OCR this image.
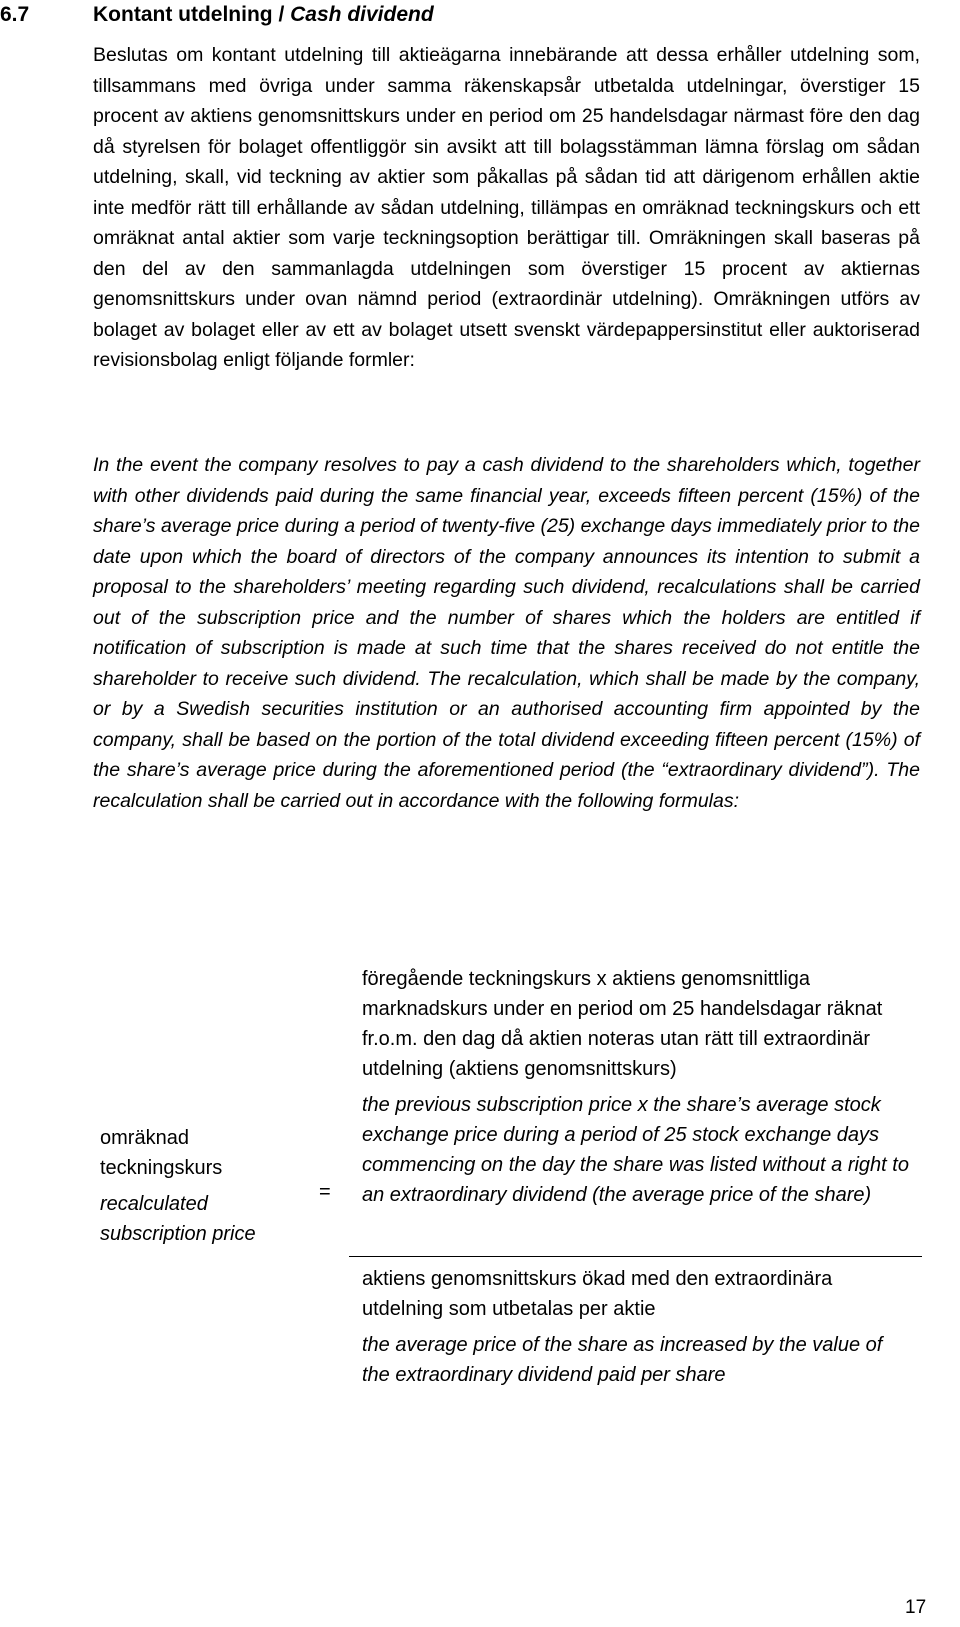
6.7	Kontant utdelning / Cash dividend

Beslutas om kontant utdelning till aktieägarna innebärande att dessa erhåller utdelning som, tillsammans med övriga under samma räkenskapsår utbetalda utdelningar, överstiger 15 procent av aktiens genomsnittskurs under en period om 25 handelsdagar närmast före den dag då styrelsen för bolaget offentliggör sin avsikt att till bolagsstämman lämna förslag om sådan utdelning, skall, vid teckning av aktier som påkallas på sådan tid att därigenom erhållen aktie inte medför rätt till erhållande av sådan utdelning, tillämpas en omräknad teckningskurs och ett omräknat antal aktier som varje teckningsoption berättigar till. Omräkningen skall baseras på den del av den sammanlagda utdelningen som överstiger 15 procent av aktiernas genomsnittskurs under ovan nämnd period (extraordinär utdelning). Omräkningen utförs av bolaget av bolaget eller av ett av bolaget utsett svenskt värdepappersinstitut eller auktoriserad revisionsbolag enligt följande formler:

In the event the company resolves to pay a cash dividend to the shareholders which, together with other dividends paid during the same financial year, exceeds fifteen percent (15%) of the share’s average price during a period of twenty-five (25) exchange days immediately prior to the date upon which the board of directors of the company announces its intention to submit a proposal to the shareholders’ meeting regarding such dividend, recalculations shall be carried out of the subscription price and the number of shares which the holders are entitled if notification of subscription is made at such time that the shares received do not entitle the shareholder to receive such dividend. The recalculation, which shall be made by the company, or by a Swedish securities institution or an authorised accounting firm appointed by the company, shall be based on the portion of the total dividend exceeding fifteen percent (15%) of the share’s average price during the aforementioned period (the “extraordinary dividend”). The recalculation shall be carried out in accordance with the following formulas:

omräknad teckningskurs
recalculated subscription price
=
föregående teckningskurs x aktiens genomsnittliga marknadskurs under en period om 25 handelsdagar räknat fr.o.m. den dag då aktien noteras utan rätt till extraordinär utdelning (aktiens genomsnittskurs)
the previous subscription price x the share’s average stock exchange price during a period of 25 stock exchange days commencing on the day the share was listed without a right to an extraordinary dividend (the average price of the share)
aktiens genomsnittskurs ökad med den extraordinära utdelning som utbetalas per aktie
the average price of the share as increased by the value of the extraordinary dividend paid per share
17
